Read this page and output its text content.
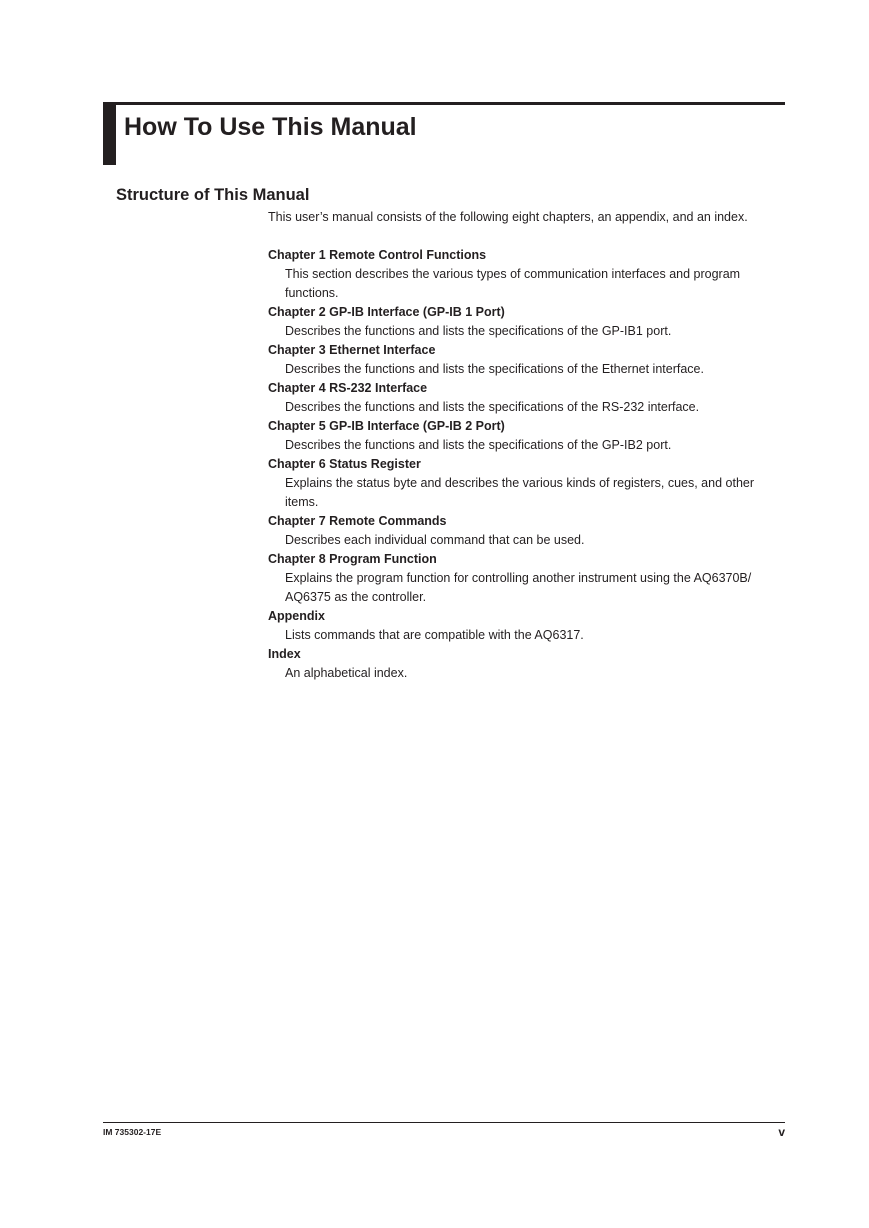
How To Use This Manual
Structure of This Manual

This user’s manual consists of the following eight chapters, an appendix, and an index.

Chapter 1 Remote Control Functions

This section describes the various types of communication interfaces and program functions.

Chapter 2 GP-IB Interface (GP-IB 1 Port)

Describes the functions and lists the specifications of the GP-IB1 port.

Chapter 3 Ethernet Interface

Describes the functions and lists the specifications of the Ethernet interface.

Chapter 4 RS-232 Interface

Describes the functions and lists the specifications of the RS-232 interface.

Chapter 5 GP-IB Interface (GP-IB 2 Port)

Describes the functions and lists the specifications of the GP-IB2 port.

Chapter 6 Status Register

Explains the status byte and describes the various kinds of registers, cues, and other items.

Chapter 7 Remote Commands

Describes each individual command that can be used.

Chapter 8 Program Function

Explains the program function for controlling another instrument using the AQ6370B/ AQ6375 as the controller.

Appendix

Lists commands that are compatible with the AQ6317.

Index

An alphabetical index.

IM 735302-17E	v
